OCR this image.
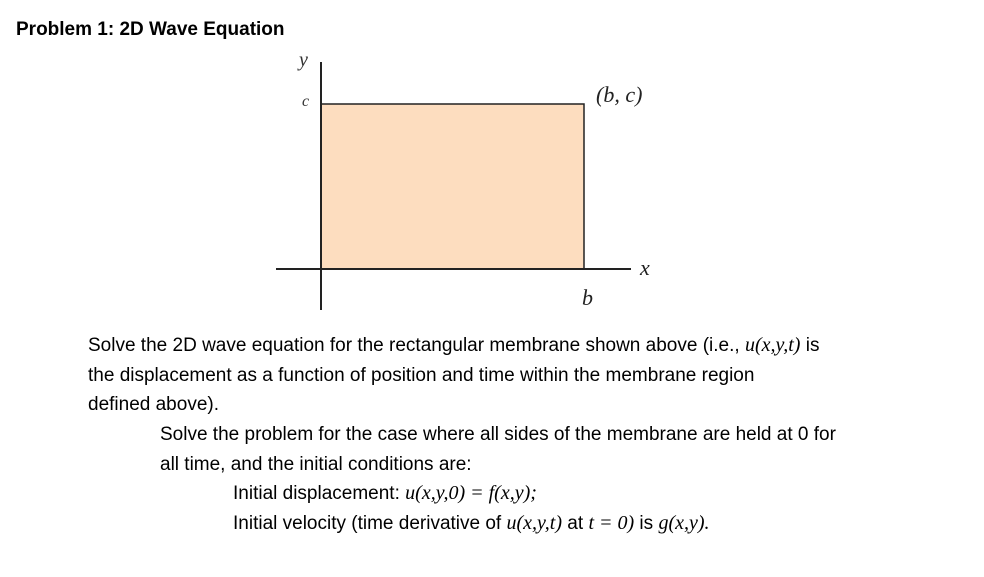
Problem 1: 2D Wave Equation
y
c	(b, c)
x
b
Solve the 2D wave equation for the rectangular membrane shown above (i.e., u(x,y,t) is
the displacement as a function of position and time within the membrane region
defined above).
Solve the problem for the case where all sides of the membrane are held at 0 for
all time, and the initial conditions are:
Initial displacement: u(x,y,0) = f(x,y);
Initial velocity (time derivative of u(x,y,t) at t = 0) is g(x,y).
